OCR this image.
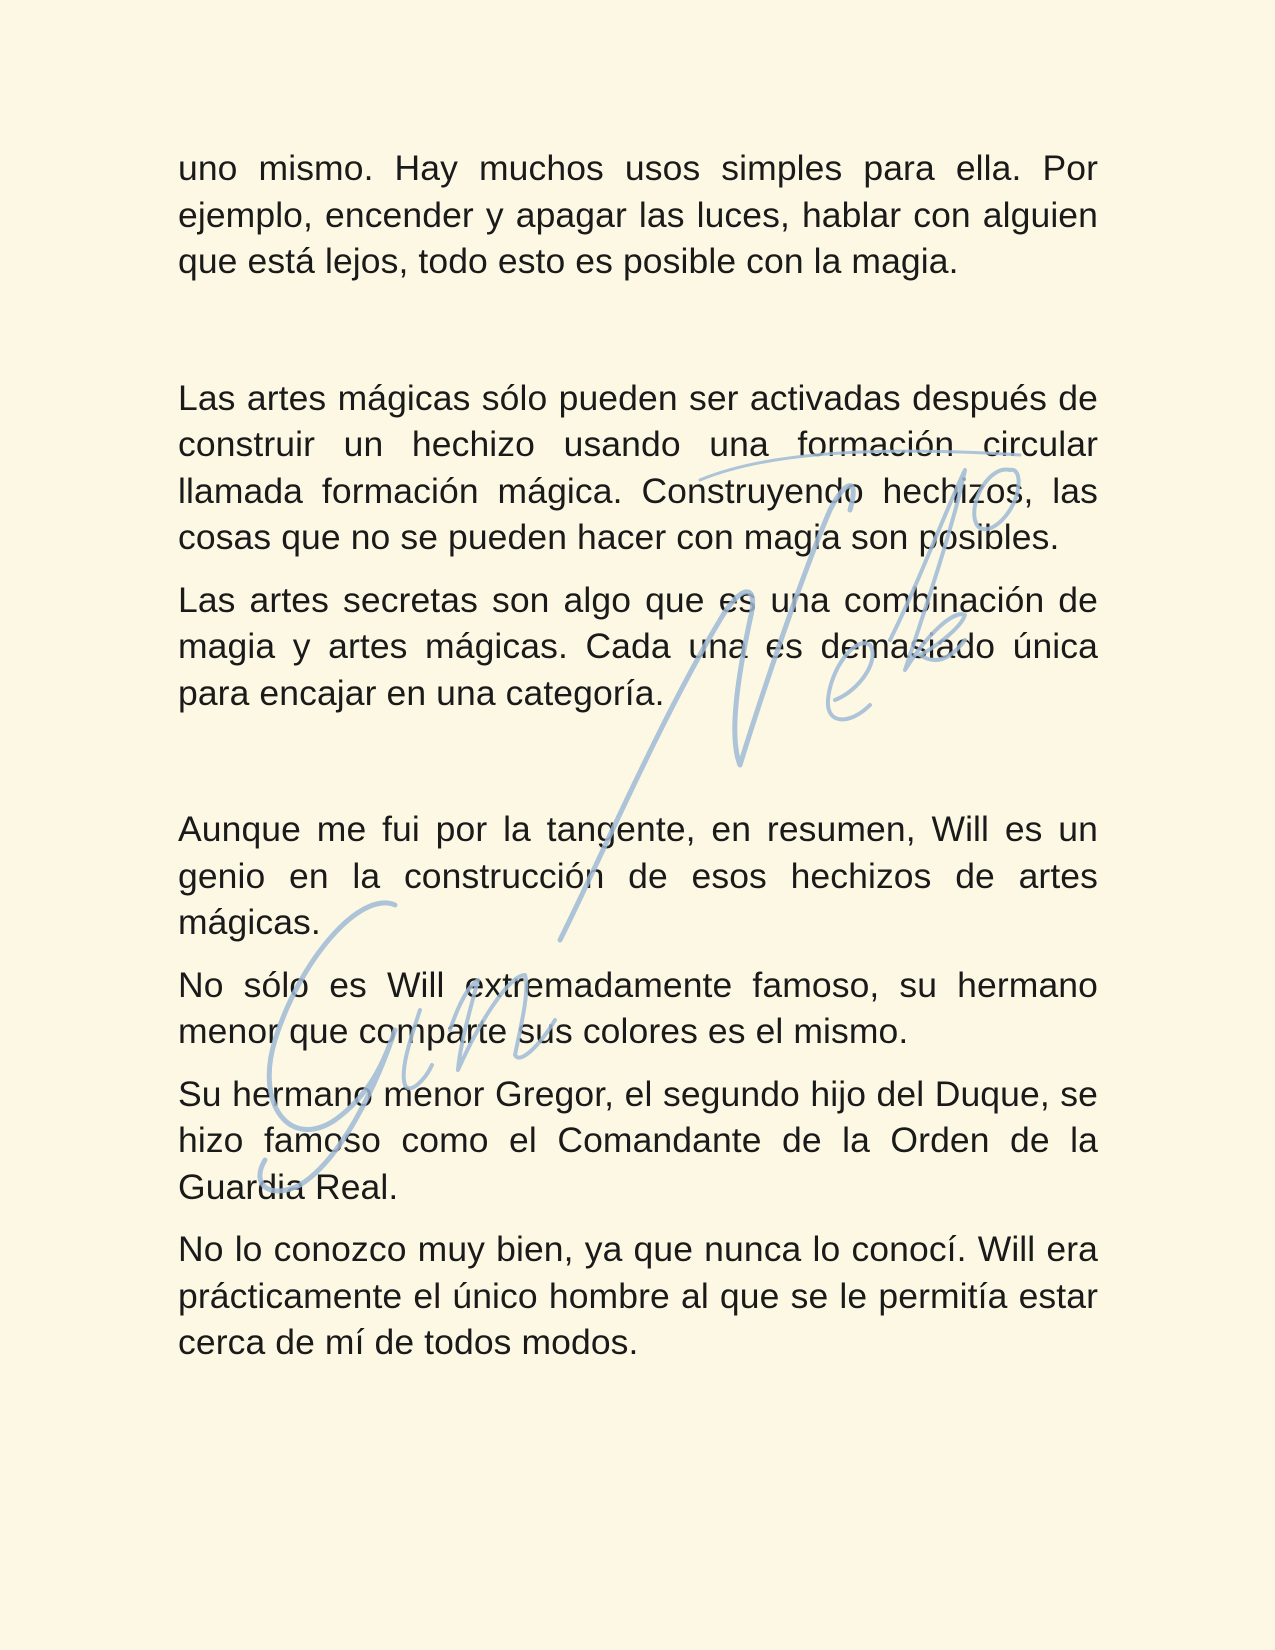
uno mismo. Hay muchos usos simples para ella. Por ejemplo, encender y apagar las luces, hablar con alguien que está lejos, todo esto es posible con la magia.

Las artes mágicas sólo pueden ser activadas después de construir un hechizo usando una formación circular llamada formación mágica. Construyendo hechizos, las cosas que no se pueden hacer con magia son posibles.

Las artes secretas son algo que es una combinación de magia y artes mágicas. Cada una es demasiado única para encajar en una categoría.

Aunque me fui por la tangente, en resumen, Will es un genio en la construcción de esos hechizos de artes mágicas.

No sólo es Will extremadamente famoso, su hermano menor que comparte sus colores es el mismo.

Su hermano menor Gregor, el segundo hijo del Duque, se hizo famoso como el Comandante de la Orden de la Guardia Real.

No lo conozco muy bien, ya que nunca lo conocí. Will era prácticamente el único hombre al que se le permitía estar cerca de mí de todos modos.
